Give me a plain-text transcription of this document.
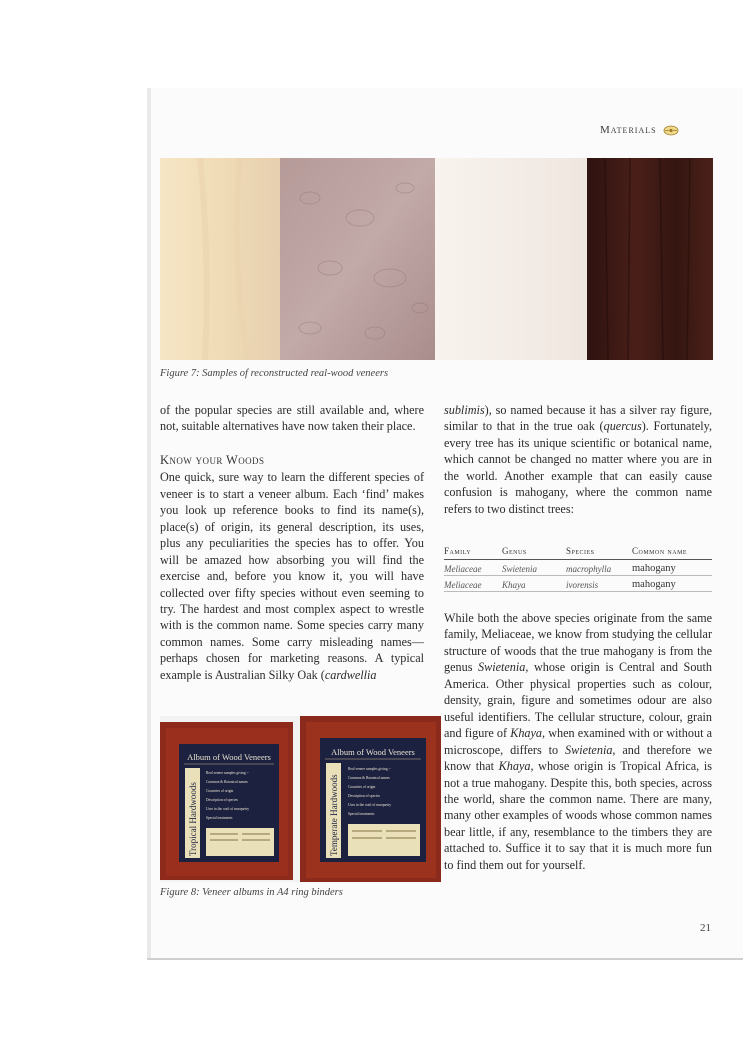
Materials
Figure 7: Samples of reconstructed real-wood veneers

of the popular species are still available and, where not, suitable alternatives have now taken their place.

Know your Woods

One quick, sure way to learn the different species of veneer is to start a veneer album. Each ‘find’ makes you look up reference books to find its name(s), place(s) of origin, its general description, its uses, plus any peculiarities the species has to offer. You will be amazed how absorbing you will find the exercise and, before you know it, you will have collected over fifty species without even seeming to try. The hardest and most complex aspect to wrestle with is the common name. Some species carry many common names. Some carry misleading names—perhaps chosen for marketing reasons. A typical example is Australian Silky Oak (cardwellia

sublimis), so named because it has a silver ray figure, similar to that in the true oak (quercus). Fortunately, every tree has its unique scientific or botanical name, which cannot be changed no matter where you are in the world. Another example that can easily cause confusion is mahogany, where the common name refers to two distinct trees:

Family	Genus	Species	Common name
Meliaceae	Swietenia	macrophylla	mahogany
Meliaceae	Khaya	ivorensis	mahogany

While both the above species originate from the same family, Meliaceae, we know from studying the cellular structure of woods that the true mahogany is from the genus Swietenia, whose origin is Central and South America. Other physical properties such as colour, density, grain, figure and sometimes odour are also useful identifiers. The cellular structure, colour, grain and figure of Khaya, when examined with or without a microscope, differs to Swietenia, and therefore we know that Khaya, whose origin is Tropical Africa, is not a true mahogany. Despite this, both species, across the world, share the common name. There are many, many other examples of woods whose common names bear little, if any, resemblance to the timbers they are attached to. Suffice it to say that it is much more fun to find them out for yourself.

Album of Wood Veneers
Tropical Hardwoods
Real veneer samples giving :-
Common & Botanical names
Countries of origin
Description of species
Uses in the craft of marquetry
Special treatments
Album of Wood Veneers
Temperate Hardwoods
Real veneer samples giving :-
Common & Botanical names
Countries of origin
Description of species
Uses in the craft of marquetry
Special treatments
Figure 8: Veneer albums in A4 ring binders
21
